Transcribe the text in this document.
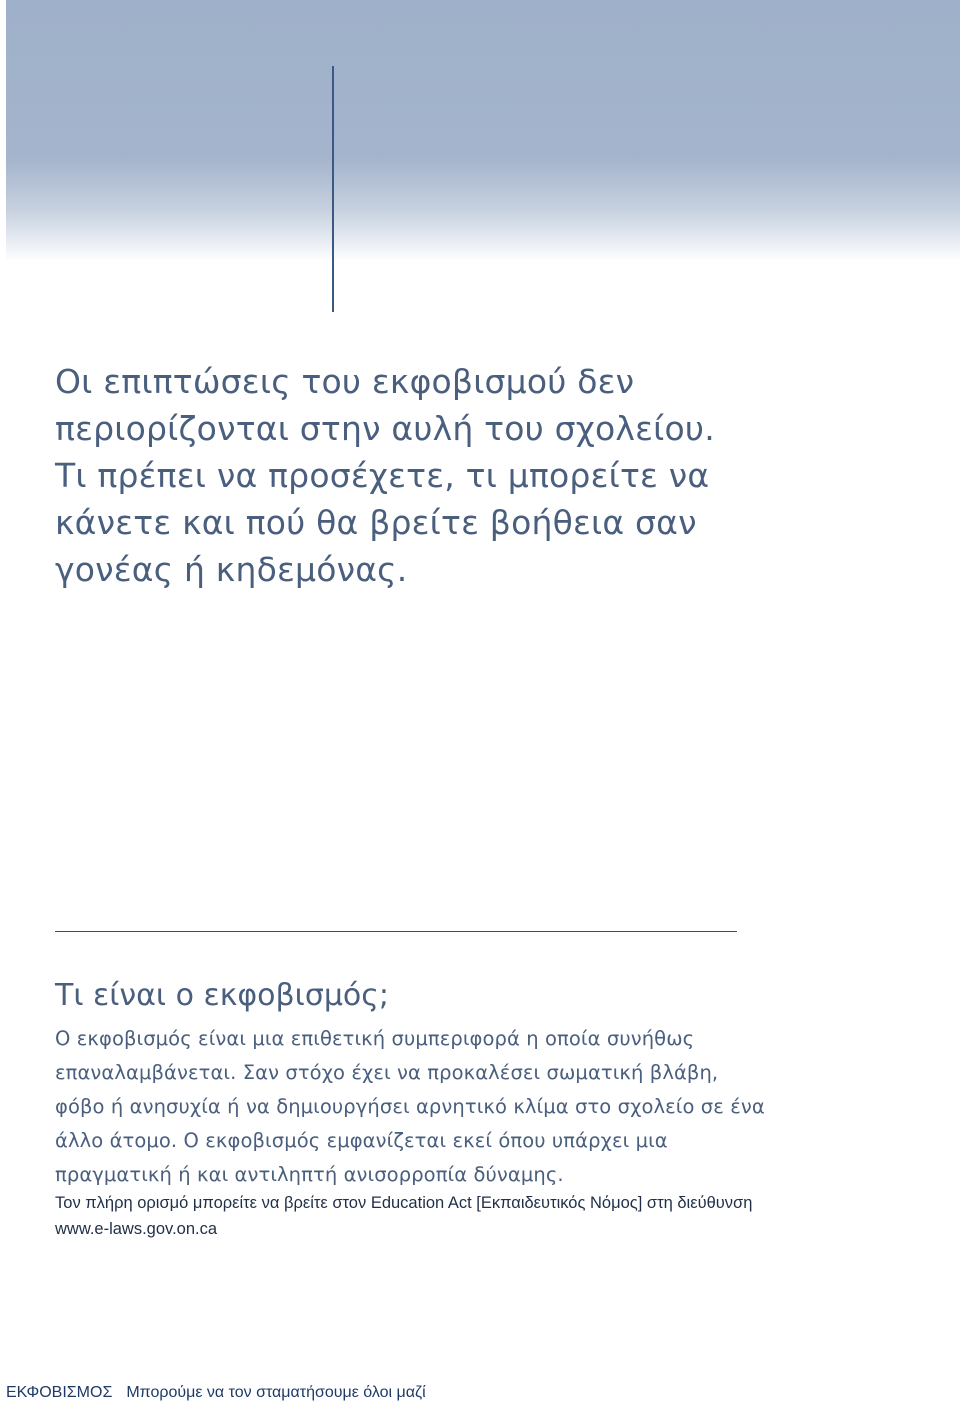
Οι επιπτώσεις του εκφοβισμού δεν περιορίζονται στην αυλή του σχολείου. Τι πρέπει να προσέχετε, τι μπορείτε να κάνετε και πού θα βρείτε βοήθεια σαν γονέας ή κηδεμόνας.

Τι είναι ο εκφοβισμός;

Ο εκφοβισμός είναι μια επιθετική συμπεριφορά η οποία συνήθως επαναλαμβάνεται. Σαν στόχο έχει να προκαλέσει σωματική βλάβη, φόβο ή ανησυχία ή να δημιουργήσει αρνητικό κλίμα στο σχολείο σε ένα άλλο άτομο. Ο εκφοβισμός εμφανίζεται εκεί όπου υπάρχει μια πραγματική ή και αντιληπτή ανισορροπία δύναμης.

Τον πλήρη ορισμό μπορείτε να βρείτε στον Education Act [Εκπαιδευτικός Νόμος] στη διεύθυνση www.e-laws.gov.on.ca

ΕΚΦΟΒΙΣΜΟΣ Μπορούμε να τον σταματήσουμε όλοι μαζί
